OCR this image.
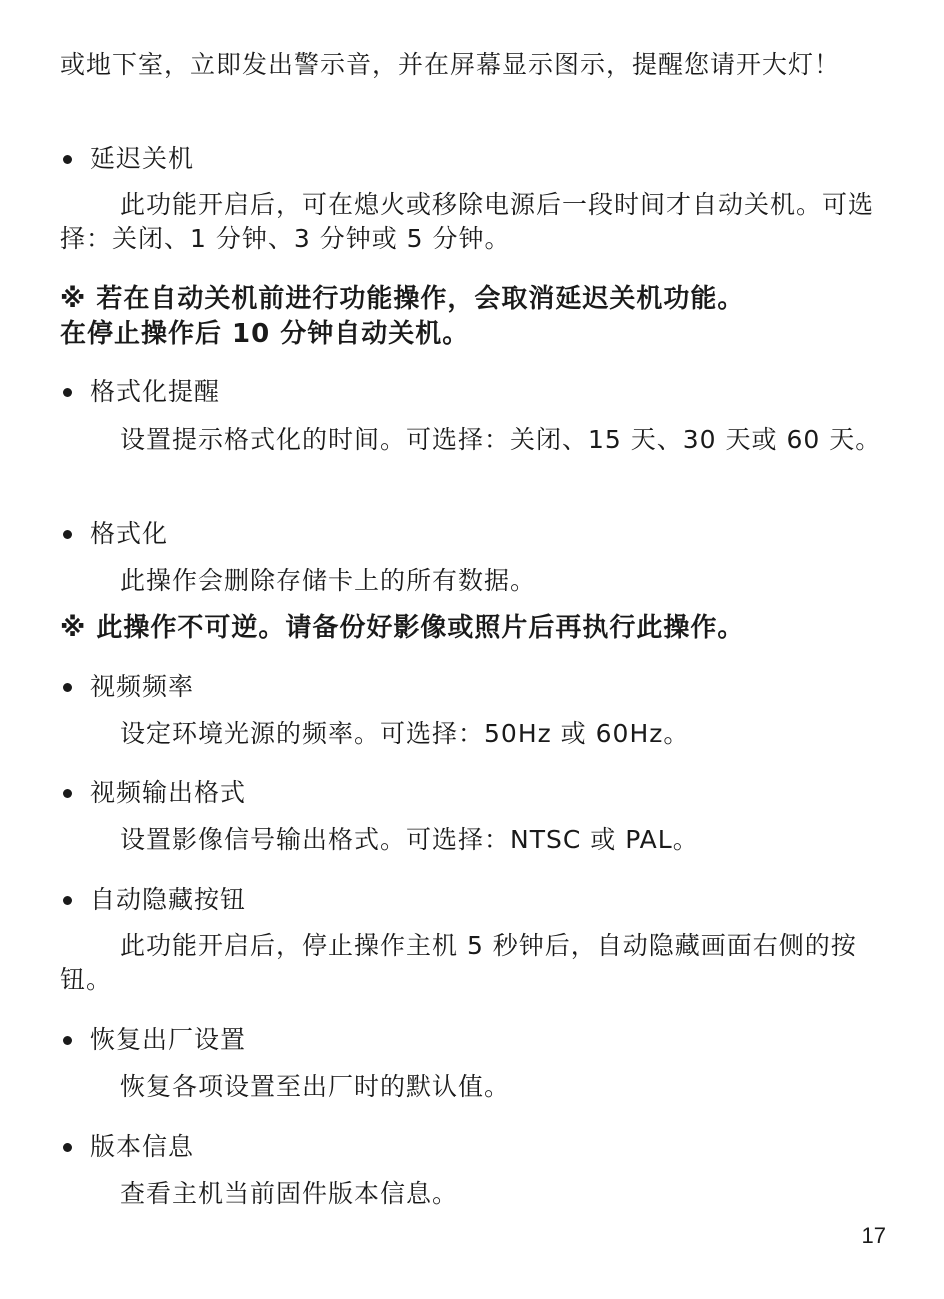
或地下室，立即发出警示音，并在屏幕显示图示，提醒您请开大灯！
延迟关机
此功能开启后，可在熄火或移除电源后一段时间才自动关机。可选择：关闭、1 分钟、3 分钟或 5 分钟。
※ 若在自动关机前进行功能操作，会取消延迟关机功能。
在停止操作后 10 分钟自动关机。
格式化提醒
设置提示格式化的时间。可选择：关闭、15 天、30 天或 60 天。
格式化
此操作会删除存储卡上的所有数据。
※ 此操作不可逆。请备份好影像或照片后再执行此操作。
视频频率
设定环境光源的频率。可选择：50Hz 或 60Hz。
视频输出格式
设置影像信号输出格式。可选择：NTSC 或 PAL。
自动隐藏按钮
此功能开启后，停止操作主机 5 秒钟后，自动隐藏画面右侧的按钮。
恢复出厂设置
恢复各项设置至出厂时的默认值。
版本信息
查看主机当前固件版本信息。
17
